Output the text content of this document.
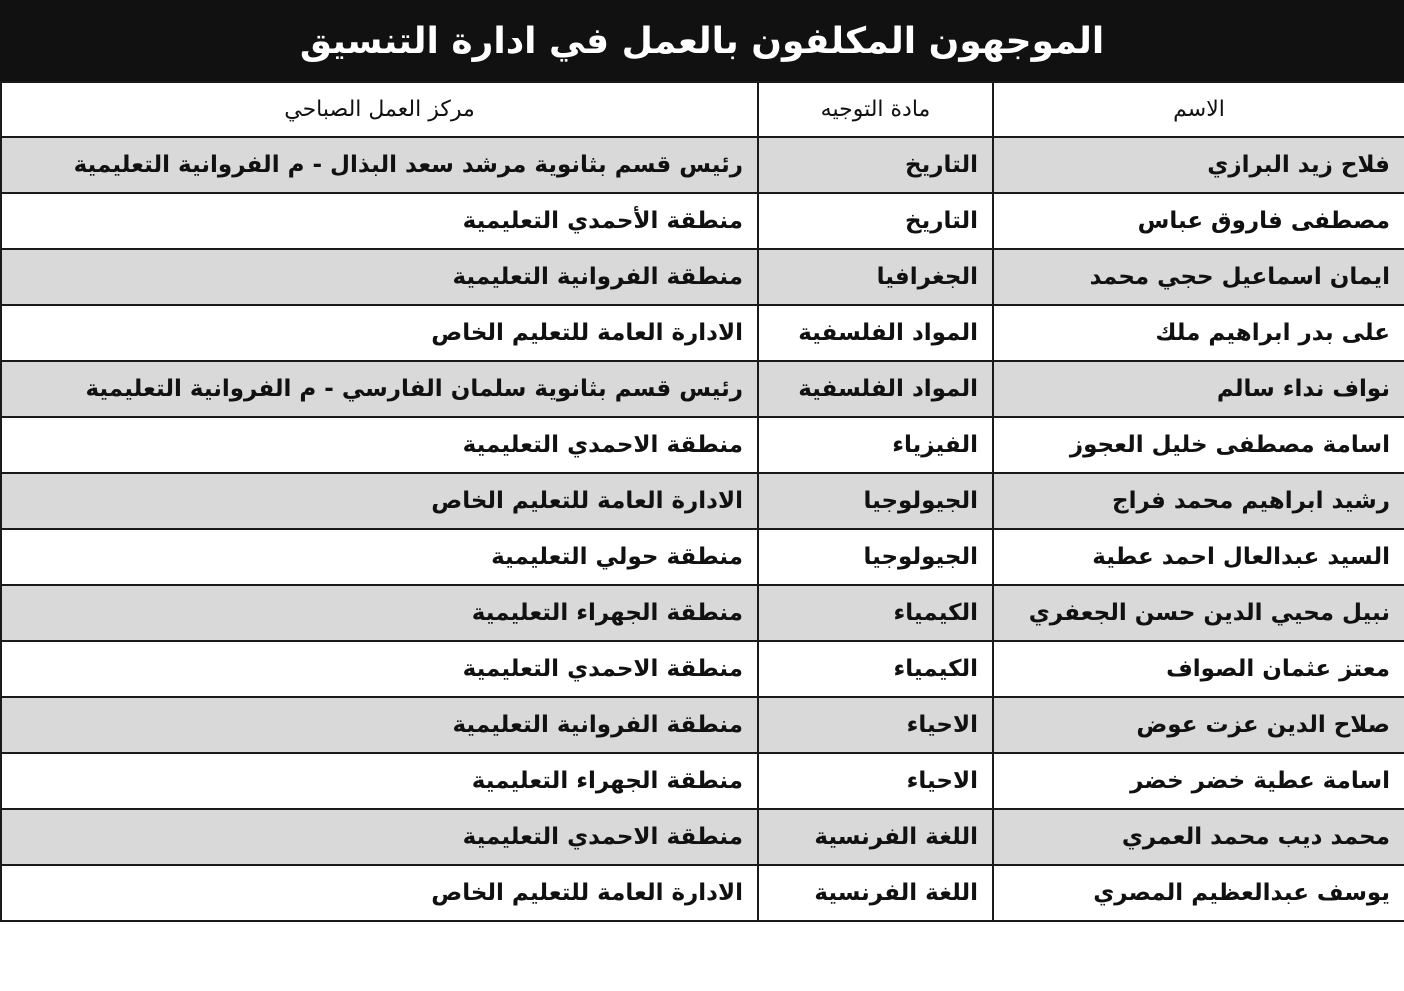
الموجهون المكلفون بالعمل في ادارة التنسيق
الاسم	مادة التوجيه	مركز العمل الصباحي
فلاح زيد البرازي	التاريخ	رئيس قسم بثانوية مرشد سعد البذال - م الفروانية التعليمية
مصطفى فاروق عباس	التاريخ	منطقة الأحمدي التعليمية
ايمان اسماعيل حجي محمد	الجغرافيا	منطقة الفروانية التعليمية
على بدر ابراهيم ملك	المواد الفلسفية	الادارة العامة للتعليم الخاص
نواف نداء سالم	المواد الفلسفية	رئيس قسم بثانوية سلمان الفارسي - م الفروانية التعليمية
اسامة مصطفى خليل العجوز	الفيزياء	منطقة الاحمدي التعليمية
رشيد ابراهيم محمد فراج	الجيولوجيا	الادارة العامة للتعليم الخاص
السيد عبدالعال احمد عطية	الجيولوجيا	منطقة حولي التعليمية
نبيل محيي الدين حسن الجعفري	الكيمياء	منطقة الجهراء التعليمية
معتز عثمان الصواف	الكيمياء	منطقة الاحمدي التعليمية
صلاح الدين عزت عوض	الاحياء	منطقة الفروانية التعليمية
اسامة عطية خضر خضر	الاحياء	منطقة الجهراء التعليمية
محمد ديب محمد العمري	اللغة الفرنسية	منطقة الاحمدي التعليمية
يوسف عبدالعظيم المصري	اللغة الفرنسية	الادارة العامة للتعليم الخاص
